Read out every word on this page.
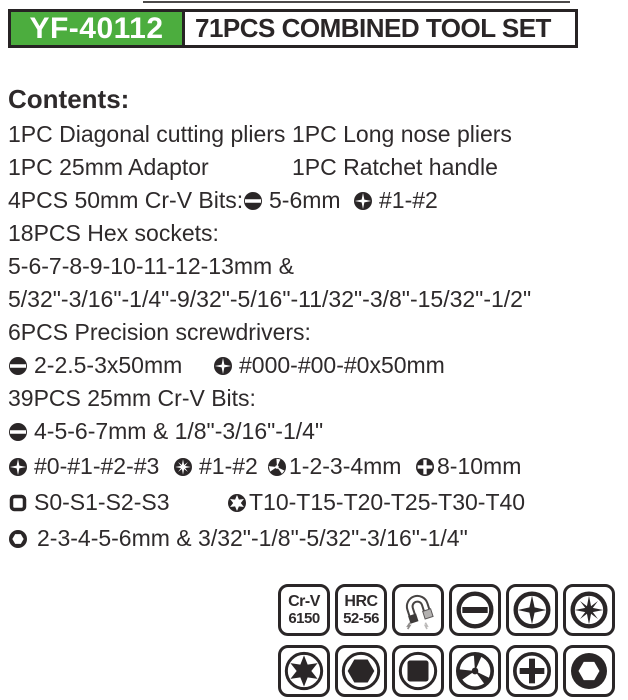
YF-40112 71PCS COMBINED TOOL SET
Contents:
1PC Diagonal cutting pliers 1PC Long nose pliers
1PC 25mm Adaptor	1PC Ratchet handle
4PCS 50mm Cr-V Bits:	5-6mm	#1-#2
18PCS Hex sockets:
5-6-7-8-9-10-11-12-13mm &
5/32"-3/16"-1/4"-9/32"-5/16"-11/32"-3/8"-15/32"-1/2"
6PCS Precision screwdrivers:
2-2.5-3x50mm	#000-#00-#0x50mm
39PCS 25mm Cr-V Bits:
4-5-6-7mm & 1/8"-3/16"-1/4"
#0-#1-#2-#3	#1-#2	1-2-3-4mm	8-10mm
S0-S1-S2-S3	T10-T15-T20-T25-T30-T40
2-3-4-5-6mm & 3/32"-1/8"-5/32"-3/16"-1/4"
Cr-V
6150
HRC
52-56
